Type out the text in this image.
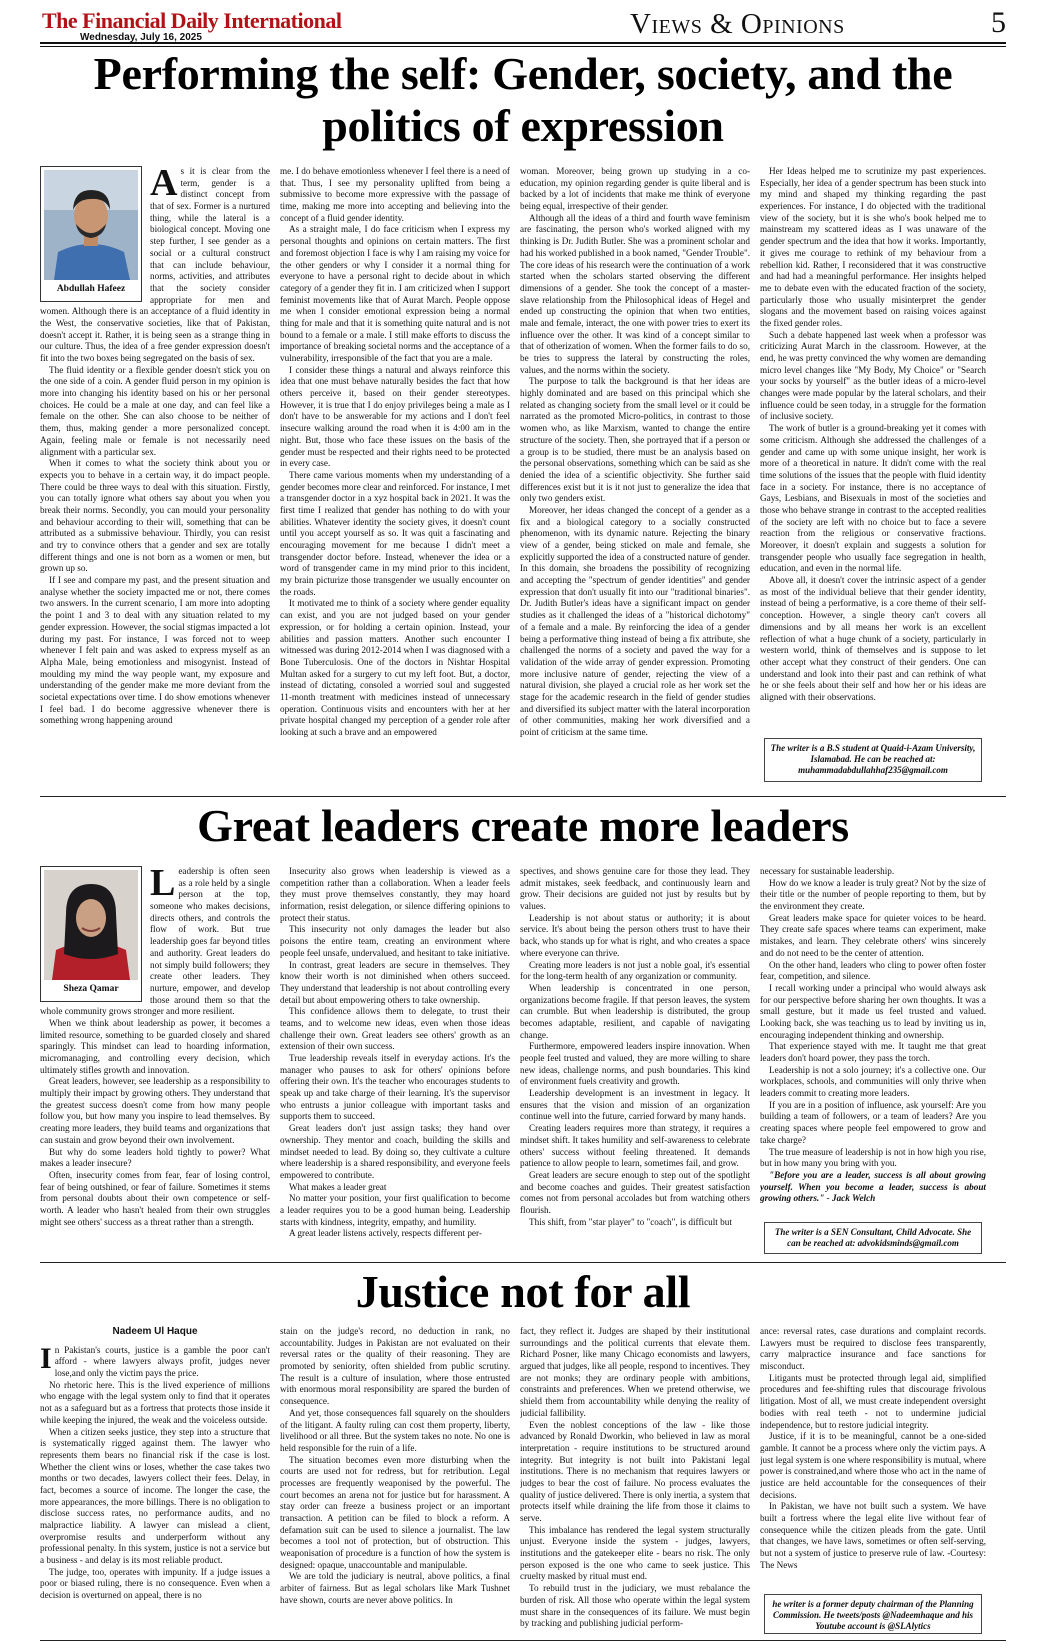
The Financial Daily International
Wednesday, July 16, 2025	Views & Opinions	5
Performing the self: Gender, society, and the politics of expression
Abdullah Hafeez

As it is clear from the term, gender is a distinct concept from that of sex. Former is a nurtured thing, while the lateral is a biological concept. Moving one step further, I see gender as a social or a cultural construct that can include behaviour, norms, activities, and attributes that the society consider appropriate for men and women. Although there is an acceptance of a fluid identity in the West, the conservative societies, like that of Pakistan, doesn't accept it. Rather, it is being seen as a strange thing in our culture. Thus, the idea of a free gender expression doesn't fit into the two boxes being segregated on the basis of sex.

The fluid identity or a flexible gender doesn't stick you on the one side of a coin. A gender fluid person in my opinion is more into changing his identity based on his or her personal choices. He could be a male at one day, and can feel like a female on the other. She can also choose to be neither of them, thus, making gender a more personalized concept. Again, feeling male or female is not necessarily need alignment with a particular sex.

When it comes to what the society think about you or expects you to behave in a certain way, it do impact people. There could be three ways to deal with this situation. Firstly, you can totally ignore what others say about you when you break their norms. Secondly, you can mould your personality and behaviour according to their will, something that can be attributed as a submissive behaviour. Thirdly, you can resist and try to convince others that a gender and sex are totally different things and one is not born as a women or men, but grown up so.

If I see and compare my past, and the present situation and analyse whether the society impacted me or not, there comes two answers. In the current scenario, I am more into adopting the point 1 and 3 to deal with any situation related to my gender expression. However, the social stigmas impacted a lot during my past. For instance, I was forced not to weep whenever I felt pain and was asked to express myself as an Alpha Male, being emotionless and misogynist. Instead of moulding my mind the way people want, my exposure and understanding of the gender make me more deviant from the societal expectations over time. I do show emotions whenever I feel bad. I do become aggressive whenever there is something wrong happening around

me. I do behave emotionless whenever I feel there is a need of that. Thus, I see my personality uplifted from being a submissive to become more expressive with the passage of time, making me more into accepting and believing into the concept of a fluid gender identity.

As a straight male, I do face criticism when I express my personal thoughts and opinions on certain matters. The first and foremost objection I face is why I am raising my voice for the other genders or why I consider it a normal thing for everyone to have a personal right to decide about in which category of a gender they fit in. I am criticized when I support feminist movements like that of Aurat March. People oppose me when I consider emotional expression being a normal thing for male and that it is something quite natural and is not bound to a female or a male. I still make efforts to discuss the importance of breaking societal norms and the acceptance of a vulnerability, irresponsible of the fact that you are a male.

I consider these things a natural and always reinforce this idea that one must behave naturally besides the fact that how others perceive it, based on their gender stereotypes. However, it is true that I do enjoy privileges being a male as I don't have to be answerable for my actions and I don't feel insecure walking around the road when it is 4:00 am in the night. But, those who face these issues on the basis of the gender must be respected and their rights need to be protected in every case.

There came various moments when my understanding of a gender becomes more clear and reinforced. For instance, I met a transgender doctor in a xyz hospital back in 2021. It was the first time I realized that gender has nothing to do with your abilities. Whatever identity the society gives, it doesn't count until you accept yourself as so. It was quit a fascinating and encouraging movement for me because I didn't meet a transgender doctor before. Instead, whenever the idea or a word of transgender came in my mind prior to this incident, my brain picturize those transgender we usually encounter on the roads.

It motivated me to think of a society where gender equality can exist, and you are not judged based on your gender expression, or for holding a certain opinion. Instead, your abilities and passion matters. Another such encounter I witnessed was during 2012-2014 when I was diagnosed with a Bone Tuberculosis. One of the doctors in Nishtar Hospital Multan asked for a surgery to cut my left foot. But, a doctor, instead of dictating, consoled a worried soul and suggested 11-month treatment with medicines instead of unnecessary operation. Continuous visits and encounters with her at her private hospital changed my perception of a gender role after looking at such a brave and an empowered

woman. Moreover, being grown up studying in a co-education, my opinion regarding gender is quite liberal and is backed by a lot of incidents that make me think of everyone being equal, irrespective of their gender.

Although all the ideas of a third and fourth wave feminism are fascinating, the person who's worked aligned with my thinking is Dr. Judith Butler. She was a prominent scholar and had his worked published in a book named, "Gender Trouble". The core ideas of his research were the continuation of a work started when the scholars started observing the different dimensions of a gender. She took the concept of a master-slave relationship from the Philosophical ideas of Hegel and ended up constructing the opinion that when two entities, male and female, interact, the one with power tries to exert its influence over the other. It was kind of a concept similar to that of otherization of women. When the former fails to do so, be tries to suppress the lateral by constructing the roles, values, and the norms within the society.

The purpose to talk the background is that her ideas are highly dominated and are based on this principal which she related as changing society from the small level or it could be narrated as the promoted Micro-politics, in contrast to those women who, as like Marxism, wanted to change the entire structure of the society. Then, she portrayed that if a person or a group is to be studied, there must be an analysis based on the personal observations, something which can be said as she denied the idea of a scientific objectivity. She further said differences exist but it is it not just to generalize the idea that only two genders exist.

Moreover, her ideas changed the concept of a gender as a fix and a biological category to a socially constructed phenomenon, with its dynamic nature. Rejecting the binary view of a gender, being sticked on male and female, she explicitly supported the idea of a constructed nature of gender. In this domain, she broadens the possibility of recognizing and accepting the "spectrum of gender identities" and gender expression that don't usually fit into our "traditional binaries". Dr. Judith Butler's ideas have a significant impact on gender studies as it challenged the ideas of a "historical dichotomy" of a female and a male. By reinforcing the idea of a gender being a performative thing instead of being a fix attribute, she challenged the norms of a society and paved the way for a validation of the wide array of gender expression. Promoting more inclusive nature of gender, rejecting the view of a natural division, she played a crucial role as her work set the stage for the academic research in the field of gender studies and diversified its subject matter with the lateral incorporation of other communities, making her work diversified and a point of criticism at the same time.

Her Ideas helped me to scrutinize my past experiences. Especially, her idea of a gender spectrum has been stuck into my mind and shaped my thinking regarding the past experiences. For instance, I do objected with the traditional view of the society, but it is she who's book helped me to mainstream my scattered ideas as I was unaware of the gender spectrum and the idea that how it works. Importantly, it gives me courage to rethink of my behaviour from a rebellion kid. Rather, I reconsidered that it was constructive and had had a meaningful performance. Her insights helped me to debate even with the educated fraction of the society, particularly those who usually misinterpret the gender slogans and the movement based on raising voices against the fixed gender roles.

Such a debate happened last week when a professor was criticizing Aurat March in the classroom. However, at the end, he was pretty convinced the why women are demanding micro level changes like "My Body, My Choice" or "Search your socks by yourself" as the butler ideas of a micro-level changes were made popular by the lateral scholars, and their influence could be seen today, in a struggle for the formation of inclusive society.

The work of butler is a ground-breaking yet it comes with some criticism. Although she addressed the challenges of a gender and came up with some unique insight, her work is more of a theoretical in nature. It didn't come with the real time solutions of the issues that the people with fluid identity face in a society. For instance, there is no acceptance of Gays, Lesbians, and Bisexuals in most of the societies and those who behave strange in contrast to the accepted realities of the society are left with no choice but to face a severe reaction from the religious or conservative fractions. Moreover, it doesn't explain and suggests a solution for transgender people who usually face segregation in health, education, and even in the normal life.

Above all, it doesn't cover the intrinsic aspect of a gender as most of the individual believe that their gender identity, instead of being a performative, is a core theme of their self-conception. However, a single theory can't covers all dimensions and by all means her work is an excellent reflection of what a huge chunk of a society, particularly in western world, think of themselves and is suppose to let other accept what they construct of their genders. One can understand and look into their past and can rethink of what he or she feels about their self and how her or his ideas are aligned with their observations.

The writer is a B.S student at Quaid-i-Azam University, Islamabad. He can be reached at:
muhammadabdullahhaf235@gmail.com
Great leaders create more leaders
Sheza Qamar

Leadership is often seen as a role held by a single person at the top, someone who makes decisions, directs others, and controls the flow of work. But true leadership goes far beyond titles and authority. Great leaders do not simply build followers; they create other leaders. They nurture, empower, and develop those around them so that the whole community grows stronger and more resilient.

When we think about leadership as power, it becomes a limited resource, something to be guarded closely and shared sparingly. This mindset can lead to hoarding information, micromanaging, and controlling every decision, which ultimately stifles growth and innovation.

Great leaders, however, see leadership as a responsibility to multiply their impact by growing others. They understand that the greatest success doesn't come from how many people follow you, but how many you inspire to lead themselves. By creating more leaders, they build teams and organizations that can sustain and grow beyond their own involvement.

But why do some leaders hold tightly to power? What makes a leader insecure?

Often, insecurity comes from fear, fear of losing control, fear of being outshined, or fear of failure. Sometimes it stems from personal doubts about their own competence or self-worth. A leader who hasn't healed from their own struggles might see others' success as a threat rather than a strength.

Insecurity also grows when leadership is viewed as a competition rather than a collaboration. When a leader feels they must prove themselves constantly, they may hoard information, resist delegation, or silence differing opinions to protect their status.

This insecurity not only damages the leader but also poisons the entire team, creating an environment where people feel unsafe, undervalued, and hesitant to take initiative.

In contrast, great leaders are secure in themselves. They know their worth is not diminished when others succeed. They understand that leadership is not about controlling every detail but about empowering others to take ownership.

This confidence allows them to delegate, to trust their teams, and to welcome new ideas, even when those ideas challenge their own. Great leaders see others' growth as an extension of their own success.

True leadership reveals itself in everyday actions. It's the manager who pauses to ask for others' opinions before offering their own. It's the teacher who encourages students to speak up and take charge of their learning. It's the supervisor who entrusts a junior colleague with important tasks and supports them to succeed.

Great leaders don't just assign tasks; they hand over ownership. They mentor and coach, building the skills and mindset needed to lead. By doing so, they cultivate a culture where leadership is a shared responsibility, and everyone feels empowered to contribute.

What makes a leader great

No matter your position, your first qualification to become a leader requires you to be a good human being. Leadership starts with kindness, integrity, empathy, and humility.

A great leader listens actively, respects different per-

spectives, and shows genuine care for those they lead. They admit mistakes, seek feedback, and continuously learn and grow. Their decisions are guided not just by results but by values.

Leadership is not about status or authority; it is about service. It's about being the person others trust to have their back, who stands up for what is right, and who creates a space where everyone can thrive.

Creating more leaders is not just a noble goal, it's essential for the long-term health of any organization or community.

When leadership is concentrated in one person, organizations become fragile. If that person leaves, the system can crumble. But when leadership is distributed, the group becomes adaptable, resilient, and capable of navigating change.

Furthermore, empowered leaders inspire innovation. When people feel trusted and valued, they are more willing to share new ideas, challenge norms, and push boundaries. This kind of environment fuels creativity and growth.

Leadership development is an investment in legacy. It ensures that the vision and mission of an organization continue well into the future, carried forward by many hands.

Creating leaders requires more than strategy, it requires a mindset shift. It takes humility and self-awareness to celebrate others' success without feeling threatened. It demands patience to allow people to learn, sometimes fail, and grow.

Great leaders are secure enough to step out of the spotlight and become coaches and guides. Their greatest satisfaction comes not from personal accolades but from watching others flourish.

This shift, from "star player" to "coach", is difficult but

necessary for sustainable leadership.

How do we know a leader is truly great? Not by the size of their title or the number of people reporting to them, but by the environment they create.

Great leaders make space for quieter voices to be heard. They create safe spaces where teams can experiment, make mistakes, and learn. They celebrate others' wins sincerely and do not need to be the center of attention.

On the other hand, leaders who cling to power often foster fear, competition, and silence.

I recall working under a principal who would always ask for our perspective before sharing her own thoughts. It was a small gesture, but it made us feel trusted and valued. Looking back, she was teaching us to lead by inviting us in, encouraging independent thinking and ownership.

That experience stayed with me. It taught me that great leaders don't hoard power, they pass the torch.

Leadership is not a solo journey; it's a collective one. Our workplaces, schools, and communities will only thrive when leaders commit to creating more leaders.

If you are in a position of influence, ask yourself: Are you building a team of followers, or a team of leaders? Are you creating spaces where people feel empowered to grow and take charge?

The true measure of leadership is not in how high you rise, but in how many you bring with you.

"Before you are a leader, success is all about growing yourself. When you become a leader, success is about growing others." - Jack Welch

The writer is a SEN Consultant, Child Advocate. She can be reached at: advokidsminds@gmail.com
Justice not for all
Nadeem Ul Haque

In Pakistan's courts, justice is a gamble the poor can't afford - where lawyers always profit, judges never lose,and only the victim pays the price.

No rhetoric here. This is the lived experience of millions who engage with the legal system only to find that it operates not as a safeguard but as a fortress that protects those inside it while keeping the injured, the weak and the voiceless outside.

When a citizen seeks justice, they step into a structure that is systematically rigged against them. The lawyer who represents them bears no financial risk if the case is lost. Whether the client wins or loses, whether the case takes two months or two decades, lawyers collect their fees. Delay, in fact, becomes a source of income. The longer the case, the more appearances, the more billings. There is no obligation to disclose success rates, no performance audits, and no malpractice liability. A lawyer can mislead a client, overpromise results and underperform without any professional penalty. In this system, justice is not a service but a business - and delay is its most reliable product.

The judge, too, operates with impunity. If a judge issues a poor or biased ruling, there is no consequence. Even when a decision is overturned on appeal, there is no

stain on the judge's record, no deduction in rank, no accountability. Judges in Pakistan are not evaluated on their reversal rates or the quality of their reasoning. They are promoted by seniority, often shielded from public scrutiny. The result is a culture of insulation, where those entrusted with enormous moral responsibility are spared the burden of consequence.

And yet, those consequences fall squarely on the shoulders of the litigant. A faulty ruling can cost them property, liberty, livelihood or all three. But the system takes no note. No one is held responsible for the ruin of a life.

The situation becomes even more disturbing when the courts are used not for redress, but for retribution. Legal processes are frequently weaponised by the powerful. The court becomes an arena not for justice but for harassment. A stay order can freeze a business project or an important transaction. A petition can be filed to block a reform. A defamation suit can be used to silence a journalist. The law becomes a tool not of protection, but of obstruction. This weaponisation of procedure is a function of how the system is designed: opaque, unaccountable and manipulable.

We are told the judiciary is neutral, above politics, a final arbiter of fairness. But as legal scholars like Mark Tushnet have shown, courts are never above politics. In

fact, they reflect it. Judges are shaped by their institutional surroundings and the political currents that elevate them. Richard Posner, like many Chicago economists and lawyers, argued that judges, like all people, respond to incentives. They are not monks; they are ordinary people with ambitions, constraints and preferences. When we pretend otherwise, we shield them from accountability while denying the reality of judicial fallibility.

Even the noblest conceptions of the law - like those advanced by Ronald Dworkin, who believed in law as moral interpretation - require institutions to be structured around integrity. But integrity is not built into Pakistani legal institutions. There is no mechanism that requires lawyers or judges to bear the cost of failure. No process evaluates the quality of justice delivered. There is only inertia, a system that protects itself while draining the life from those it claims to serve.

This imbalance has rendered the legal system structurally unjust. Everyone inside the system - judges, lawyers, institutions and the gatekeeper elite - bears no risk. The only person exposed is the one who came to seek justice. This cruelty masked by ritual must end.

To rebuild trust in the judiciary, we must rebalance the burden of risk. All those who operate within the legal system must share in the consequences of its failure. We must begin by tracking and publishing judicial perform-

ance: reversal rates, case durations and complaint records. Lawyers must be required to disclose fees transparently, carry malpractice insurance and face sanctions for misconduct.

Litigants must be protected through legal aid, simplified procedures and fee-shifting rules that discourage frivolous litigation. Most of all, we must create independent oversight bodies with real teeth - not to undermine judicial independence, but to restore judicial integrity.

Justice, if it is to be meaningful, cannot be a one-sided gamble. It cannot be a process where only the victim pays. A just legal system is one where responsibility is mutual, where power is constrained,and where those who act in the name of justice are held accountable for the consequences of their decisions.

In Pakistan, we have not built such a system. We have built a fortress where the legal elite live without fear of consequence while the citizen pleads from the gate. Until that changes, we have laws, sometimes or often self-serving, but not a system of justice to preserve rule of law. -Courtesy: The News

he writer is a former deputy chairman of the Planning Commission. He tweets/posts @Nadeemhaque and his Youtube account is @SLAlytics
